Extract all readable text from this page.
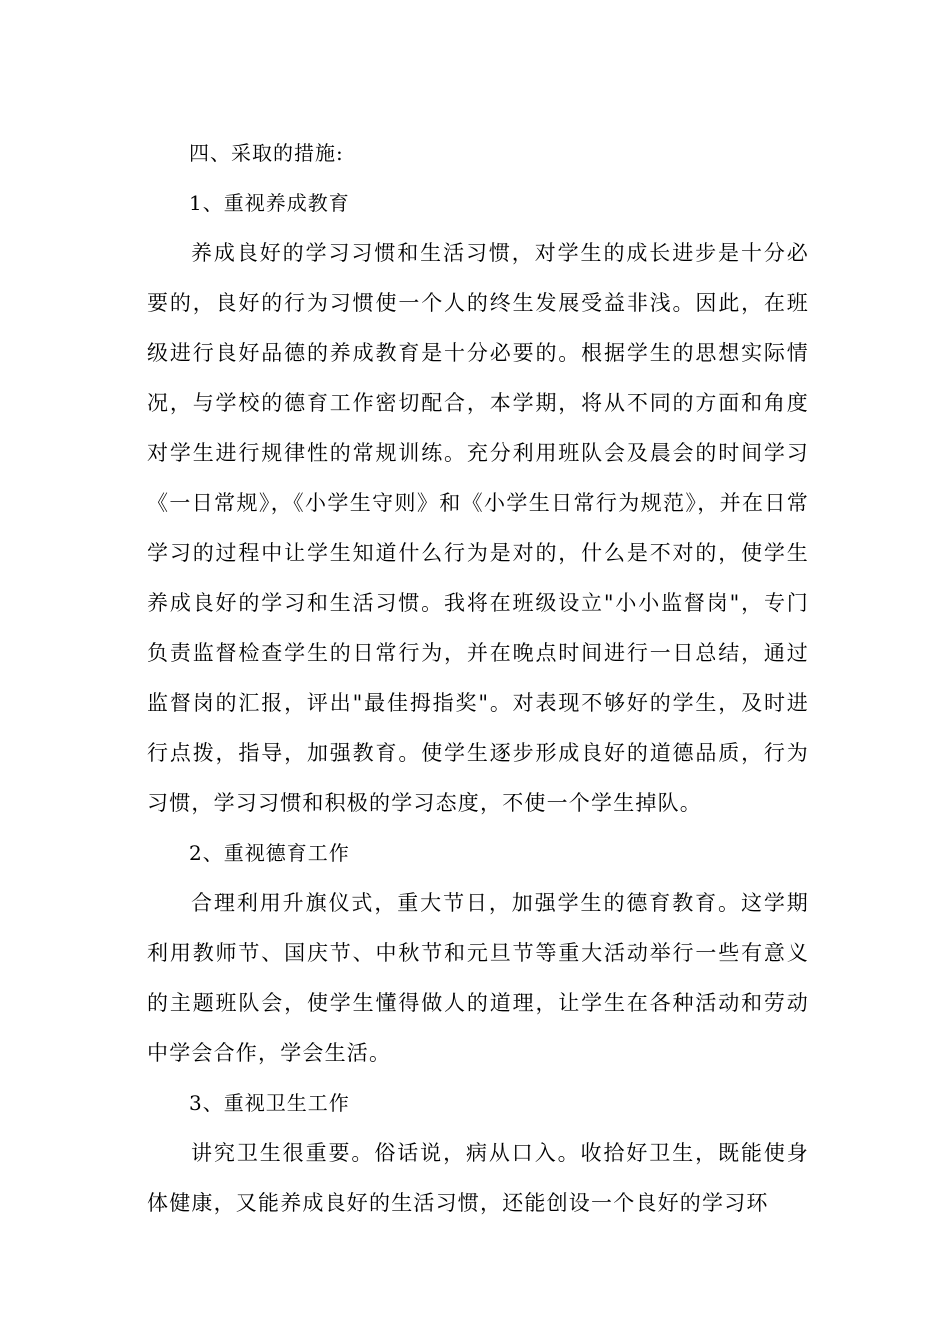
四、采取的措施:
1、重视养成教育

养成良好的学习习惯和生活习惯，对学生的成长进步是十分必要的，良好的行为习惯使一个人的终生发展受益非浅。因此，在班级进行良好品德的养成教育是十分必要的。根据学生的思想实际情况，与学校的德育工作密切配合，本学期，将从不同的方面和角度对学生进行规律性的常规训练。充分利用班队会及晨会的时间学习《一日常规》，《小学生守则》和《小学生日常行为规范》，并在日常学习的过程中让学生知道什么行为是对的，什么是不对的，使学生养成良好的学习和生活习惯。我将在班级设立"小小监督岗"，专门负责监督检查学生的日常行为，并在晚点时间进行一日总结，通过监督岗的汇报，评出"最佳拇指奖"。对表现不够好的学生，及时进行点拨，指导，加强教育。使学生逐步形成良好的道德品质，行为习惯，学习习惯和积极的学习态度，不使一个学生掉队。

2、重视德育工作

合理利用升旗仪式，重大节日，加强学生的德育教育。这学期利用教师节、国庆节、中秋节和元旦节等重大活动举行一些有意义的主题班队会，使学生懂得做人的道理，让学生在各种活动和劳动中学会合作，学会生活。

3、重视卫生工作

讲究卫生很重要。俗话说，病从口入。收拾好卫生，既能使身体健康，又能养成良好的生活习惯，还能创设一个良好的学习环
